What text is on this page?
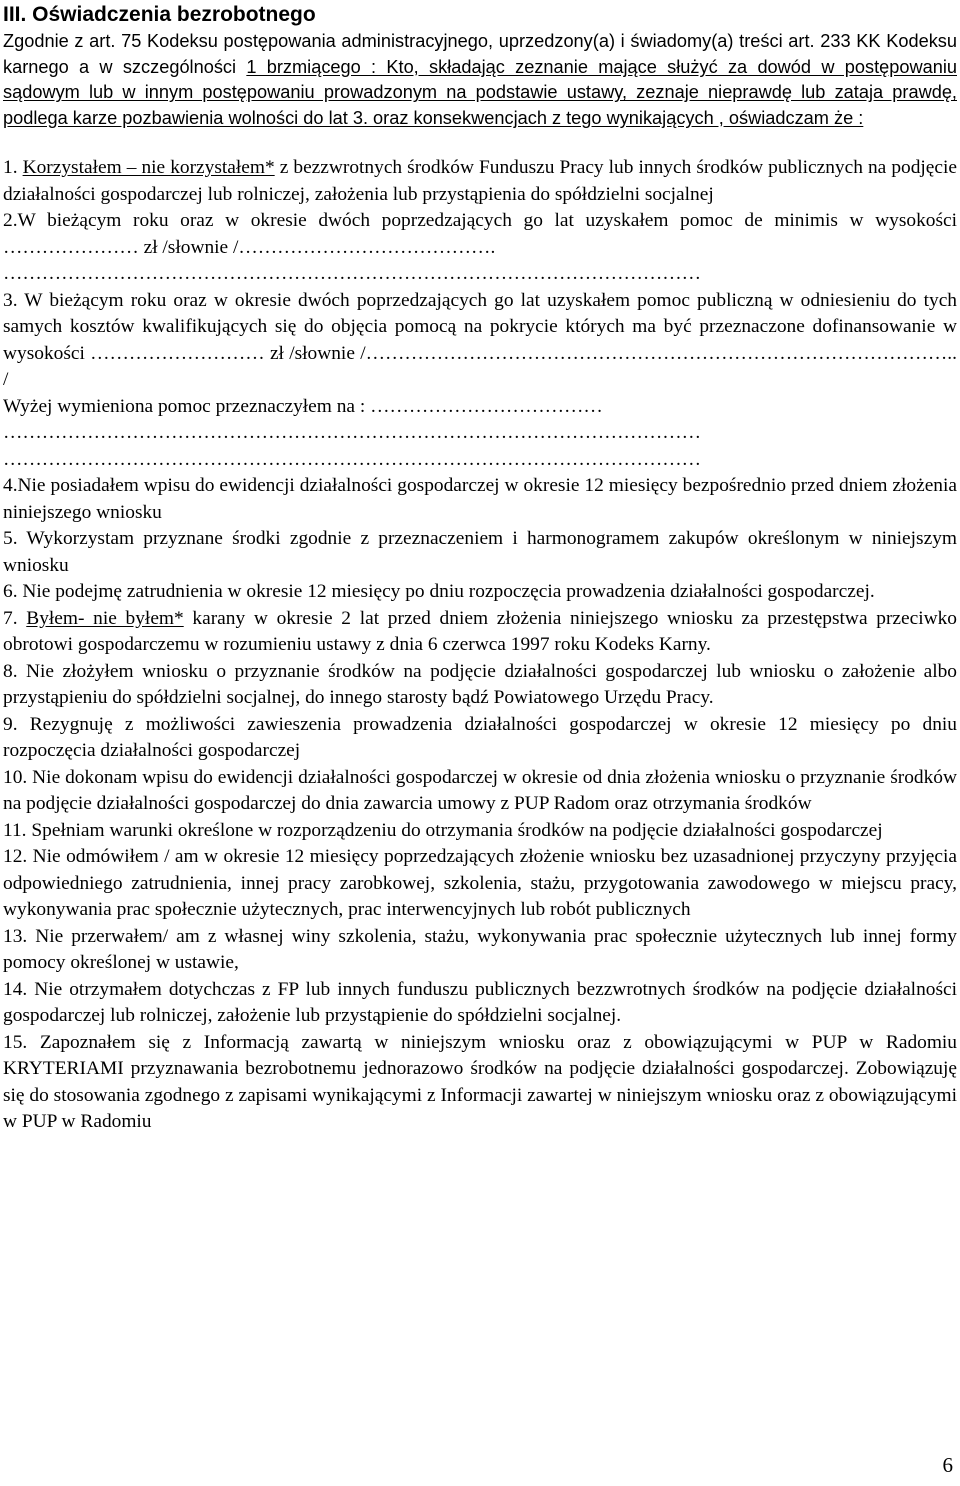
III. Oświadczenia bezrobotnego

Zgodnie z art. 75 Kodeksu postępowania administracyjnego, uprzedzony(a) i świadomy(a) treści art. 233 KK Kodeksu karnego a w szczególności 1 brzmiącego : Kto, składając zeznanie mające służyć za dowód w postępowaniu sądowym lub w innym postępowaniu prowadzonym na podstawie ustawy, zeznaje nieprawdę lub zataja prawdę, podlega karze pozbawienia wolności do lat 3. oraz konsekwencjach z tego wynikających , oświadczam że :

1. Korzystałem – nie korzystałem* z bezzwrotnych środków Funduszu Pracy lub innych środków publicznych na podjęcie działalności gospodarczej lub rolniczej, założenia lub przystąpienia do spółdzielni socjalnej

2.W bieżącym roku oraz w okresie dwóch poprzedzających go lat uzyskałem pomoc de minimis w wysokości ………………… zł /słownie /………………………………….

………………………………………………………………………………………………

3. W bieżącym roku oraz w okresie dwóch poprzedzających go lat uzyskałem pomoc publiczną w odniesieniu do tych samych kosztów kwalifikujących się do objęcia pomocą na pokrycie których ma być przeznaczone dofinansowanie w wysokości ……………………… zł /słownie /……………………………………………………………………………….. /

Wyżej wymieniona pomoc przeznaczyłem na : ………………………………

………………………………………………………………………………………………
………………………………………………………………………………………………

4.Nie posiadałem wpisu do ewidencji działalności gospodarczej w okresie 12 miesięcy bezpośrednio przed dniem złożenia niniejszego wniosku

5. Wykorzystam przyznane środki zgodnie z przeznaczeniem i harmonogramem zakupów określonym w niniejszym wniosku

6. Nie podejmę zatrudnienia w okresie 12 miesięcy po dniu rozpoczęcia prowadzenia działalności gospodarczej.

7. Byłem- nie byłem* karany w okresie 2 lat przed dniem złożenia niniejszego wniosku za przestępstwa przeciwko obrotowi gospodarczemu w rozumieniu ustawy z dnia 6 czerwca 1997 roku Kodeks Karny.

8. Nie złożyłem wniosku o przyznanie środków na podjęcie działalności gospodarczej lub wniosku o założenie albo przystąpieniu do spółdzielni socjalnej, do innego starosty bądź Powiatowego Urzędu Pracy.

9. Rezygnuję z możliwości zawieszenia prowadzenia działalności gospodarczej w okresie 12 miesięcy po dniu rozpoczęcia działalności gospodarczej

10. Nie dokonam wpisu do ewidencji działalności gospodarczej w okresie od dnia złożenia wniosku o przyznanie środków na podjęcie działalności gospodarczej do dnia zawarcia umowy z PUP Radom oraz otrzymania środków

11. Spełniam warunki określone w rozporządzeniu do otrzymania środków na podjęcie działalności gospodarczej

12. Nie odmówiłem / am w okresie 12 miesięcy poprzedzających złożenie wniosku bez uzasadnionej przyczyny przyjęcia odpowiedniego zatrudnienia, innej pracy zarobkowej, szkolenia, stażu, przygotowania zawodowego w miejscu pracy, wykonywania prac społecznie użytecznych, prac interwencyjnych lub robót publicznych

13. Nie przerwałem/ am z własnej winy szkolenia, stażu, wykonywania prac społecznie użytecznych lub innej formy pomocy określonej w ustawie,

14. Nie otrzymałem dotychczas z FP lub innych funduszu publicznych bezzwrotnych środków na podjęcie działalności gospodarczej lub rolniczej, założenie lub przystąpienie do spółdzielni socjalnej.

15. Zapoznałem się z Informacją zawartą w niniejszym wniosku oraz z obowiązującymi w PUP w Radomiu KRYTERIAMI przyznawania bezrobotnemu jednorazowo środków na podjęcie działalności gospodarczej. Zobowiązuję się do stosowania zgodnego z zapisami wynikającymi z Informacji zawartej w niniejszym wniosku oraz z obowiązującymi w PUP w Radomiu

6
